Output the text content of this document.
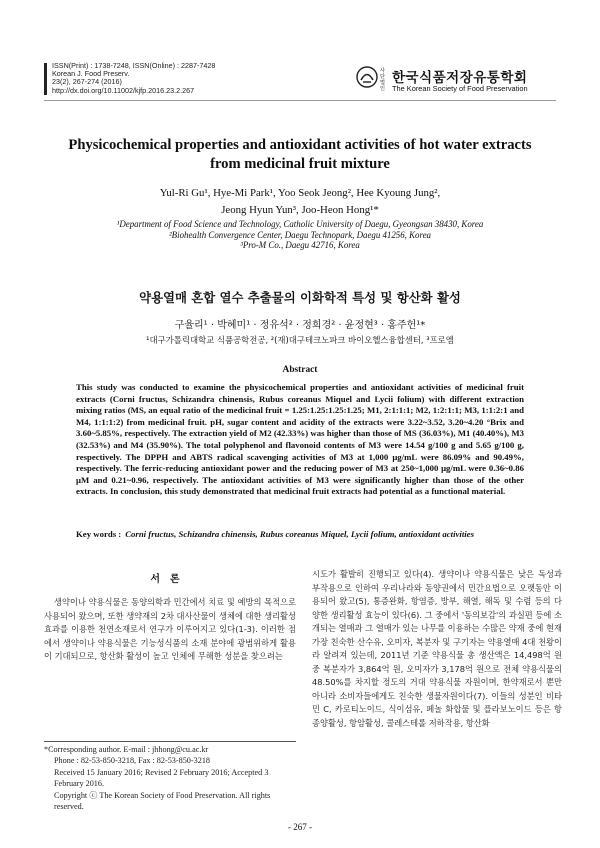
ISSN(Print) : 1738-7248, ISSN(Online) : 2287-7428
Korean J. Food Preserv.
23(2), 267-274 (2016)
http://dx.doi.org/10.11002/kjfp.2016.23.2.267
사단법인
한국식품저장유통학회
The Korean Society of Food Preservation
Physicochemical properties and antioxidant activities of hot water extracts from medicinal fruit mixture
Yul-Ri Gu¹, Hye-Mi Park¹, Yoo Seok Jeong², Hee Kyoung Jung²,
Jeong Hyun Yun³, Joo-Heon Hong¹*
¹Department of Food Science and Technology, Catholic University of Daegu, Gyeongsan 38430, Korea
²Biohealth Convergence Center, Daegu Technopark, Daegu 41256, Korea
³Pro-M Co., Daegu 42716, Korea
약용열매 혼합 열수 추출물의 이화학적 특성 및 항산화 활성
구율리¹ · 박혜미¹ · 정유석² · 정희경² · 윤정현³ · 홍주헌¹*
¹대구가톨릭대학교 식품공학전공, ²(재)대구테크노파크 바이오헬스융합센터, ³프로엠
Abstract
This study was conducted to examine the physicochemical properties and antioxidant activities of medicinal fruit extracts (Corni fructus, Schizandra chinensis, Rubus coreanus Miquel and Lycii folium) with different extraction mixing ratios (MS, an equal ratio of the medicinal fruit = 1.25:1.25:1.25:1.25; M1, 2:1:1:1; M2, 1:2:1:1; M3, 1:1:2:1 and M4, 1:1:1:2) from medicinal fruit. pH, sugar content and acidity of the extracts were 3.22~3.52, 3.20~4.20 °Brix and 3.60~5.85%, respectively. The extraction yield of M2 (42.33%) was higher than those of MS (36.03%), M1 (40.40%), M3 (32.53%) and M4 (35.90%). The total polyphenol and flavonoid contents of M3 were 14.54 g/100 g and 5.65 g/100 g, respectively. The DPPH and ABTS radical scavenging activities of M3 at 1,000 μg/mL were 86.09% and 90.49%, respectively. The ferric-reducing antioxidant power and the reducing power of M3 at 250~1,000 μg/mL were 0.36~0.86 μM and 0.21~0.96, respectively. The antioxidant activities of M3 were significantly higher than those of the other extracts. In conclusion, this study demonstrated that medicinal fruit extracts had potential as a functional material.
Key words : Corni fructus, Schizandra chinensis, Rubus coreanus Miquel, Lycii folium, antioxidant activities
서론

생약이나 약용식물은 동양의학과 민간에서 치료 및 예방의 목적으로 사용되어 왔으며, 또한 생약재의 2차 대사산물이 생체에 대한 생리활성 효과를 이용한 천연소재로서 연구가 이루어지고 있다(1-3). 이러한 점에서 생약이나 약용식물은 기능성식품의 소재 분야에 광범위하게 활용이 기대되므로, 항산화 활성이 높고 인체에 무해한 성분을 찾으려는

*Corresponding author. E-mail : jhhong@cu.ac.kr
Phone : 82-53-850-3218, Fax : 82-53-850-3218
Received 15 January 2016; Revised 2 February 2016; Accepted 3 February 2016.
Copyright ⓒ The Korean Society of Food Preservation. All rights reserved.

시도가 활발히 진행되고 있다(4). 생약이나 약용식물은 낮은 독성과 부작용으로 인하여 우리나라와 동양권에서 민간요법으로 오랫동안 이용되어 왔고(5), 통증완화, 항염증, 방부, 해열, 해독 및 수렴 등의 다양한 생리활성 효능이 있다(6). 그 중에서 '동의보감'의 과실편 등에 소개되는 열매과 그 열매가 있는 나무를 이용하는 수많은 약재 중에 현재 가장 친숙한 산수유, 오미자, 복분자 및 구기자는 약용열매 4대 천왕이라 알려져 있는데, 2011년 기준 약용식물 총 생산액은 14,498억 원 중 복분자가 3,864억 원, 오미자가 3,178억 원으로 전체 약용식물의 48.50%를 차지할 정도의 거대 약용식물 자원이며, 한약재로서 뿐만 아니라 소비자들에게도 친숙한 생물자원이다(7). 이들의 성분인 비타민 C, 카로티노이드, 식이섬유, 페놀 화합물 및 플라보노이드 등은 항종양활성, 항암활성, 콜레스테롤 저하작용, 항산화

- 267 -
